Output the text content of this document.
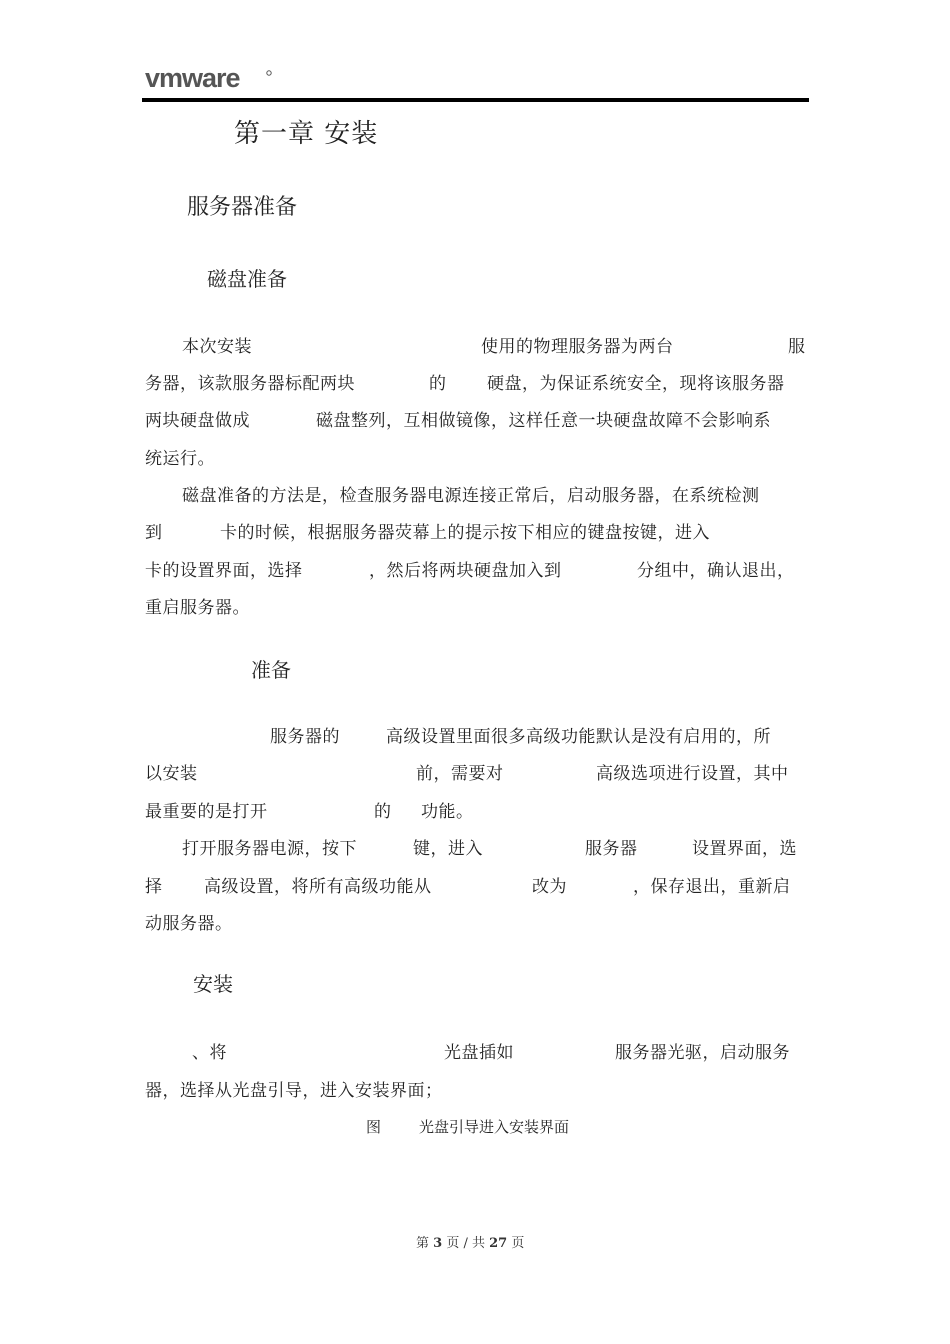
vmware
第一章 安装
服务器准备
磁盘准备
本次安装	使用的物理服务器为两台	服
务器，该款服务器标配两块	的 硬盘，为保证系统安全，现将该服务器
两块硬盘做成	磁盘整列，互相做镜像，这样任意一块硬盘故障不会影响系
统运行。
磁盘准备的方法是，检查服务器电源连接正常后，启动服务器，在系统检测
到	卡的时候，根据服务器荧幕上的提示按下相应的键盘按键，进入
卡的设置界面，选择	，然后将两块硬盘加入到	分组中，确认退出，
重启服务器。
准备
服务器的	高级设置里面很多高级功能默认是没有启用的，所
以安装	前，需要对	高级选项进行设置，其中
最重要的是打开	的 功能。
打开服务器电源，按下	键，进入	服务器	设置界面，选
择 高级设置，将所有高级功能从	改为	，保存退出，重新启
动服务器。
安装
、将	光盘插如	服务器光驱，启动服务
器，选择从光盘引导，进入安装界面；
图	光盘引导进入安装界面
第 3 页 / 共 27 页
